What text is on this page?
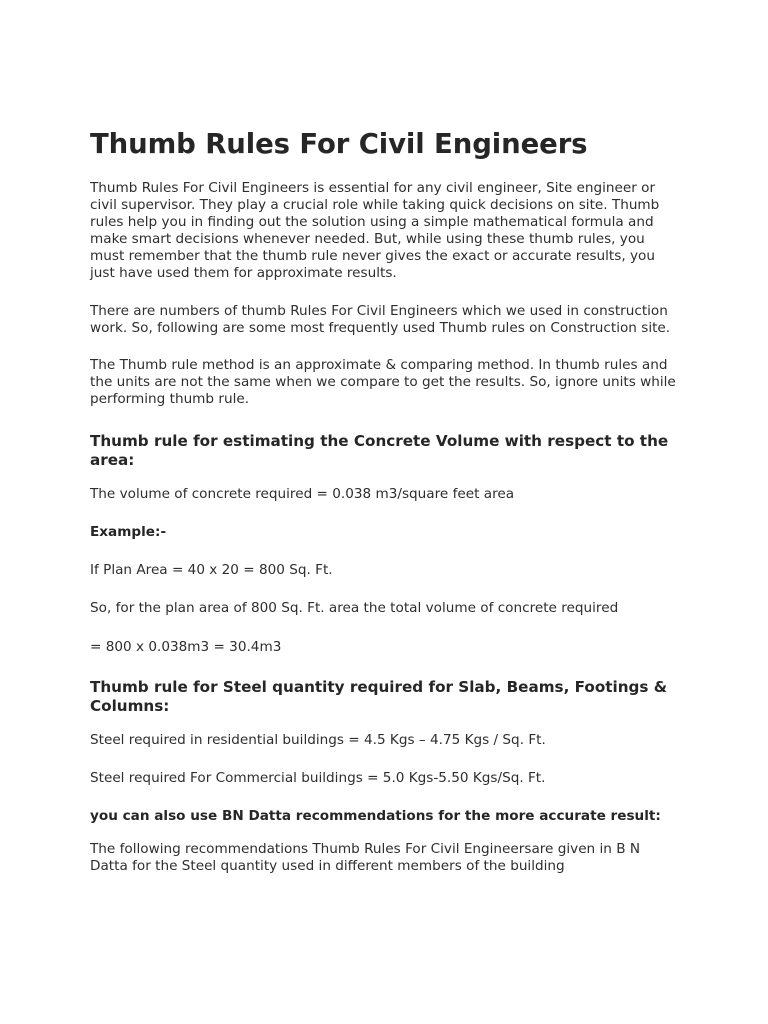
Thumb Rules For Civil Engineers

Thumb Rules For Civil Engineers is essential for any civil engineer, Site engineer or civil supervisor. They play a crucial role while taking quick decisions on site. Thumb rules help you in finding out the solution using a simple mathematical formula and make smart decisions whenever needed. But, while using these thumb rules, you must remember that the thumb rule never gives the exact or accurate results, you just have used them for approximate results.

There are numbers of thumb Rules For Civil Engineers which we used in construction work. So, following are some most frequently used Thumb rules on Construction site.

The Thumb rule method is an approximate & comparing method. In thumb rules and the units are not the same when we compare to get the results. So, ignore units while performing thumb rule.

Thumb rule for estimating the Concrete Volume with respect to the area:

The volume of concrete required = 0.038 m3/square feet area

Example:-

If Plan Area = 40 x 20 = 800 Sq. Ft.

So, for the plan area of 800 Sq. Ft. area the total volume of concrete required

= 800 x 0.038m3 = 30.4m3

Thumb rule for Steel quantity required for Slab, Beams, Footings & Columns:

Steel required in residential buildings = 4.5 Kgs – 4.75 Kgs / Sq. Ft.

Steel required For Commercial buildings = 5.0 Kgs-5.50 Kgs/Sq. Ft.

you can also use BN Datta recommendations for the more accurate result:

The following recommendations Thumb Rules For Civil Engineersare given in B N Datta for the Steel quantity used in different members of the building
